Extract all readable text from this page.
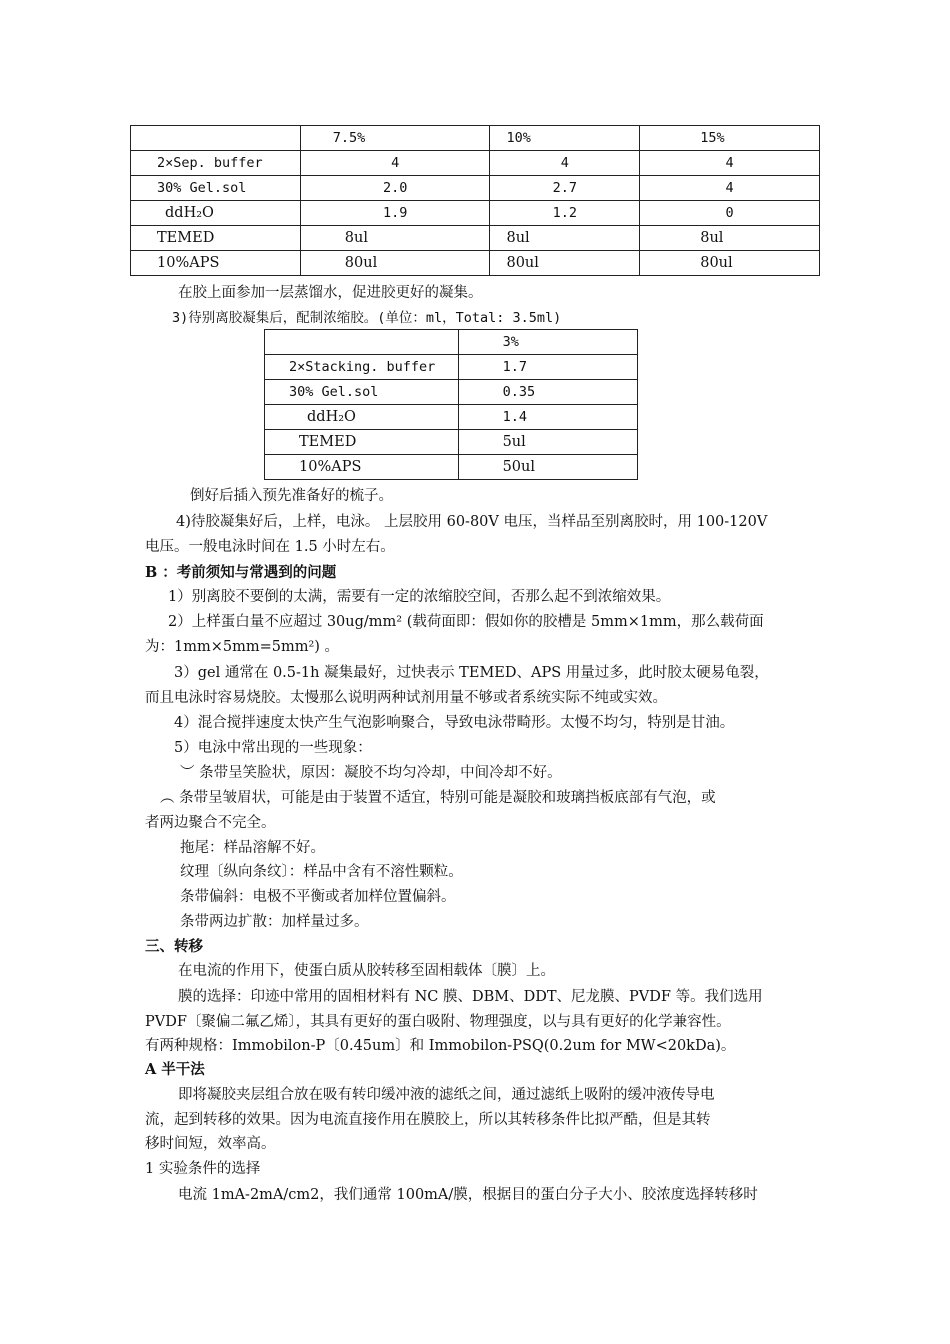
	7.5%	10%	15%
2×Sep. buffer	4	4	4
30% Gel.sol	2.0	2.7	4
ddH₂O	1.9	1.2	0
TEMED	8ul	8ul	8ul
10%APS	80ul	80ul	80ul
在胶上面参加一层蒸馏水，促进胶更好的凝集。
3)待别离胶凝集后，配制浓缩胶。(单位：ml，Total: 3.5ml)
	3%
2×Stacking. buffer	1.7
30% Gel.sol	0.35
ddH₂O	1.4
TEMED	5ul
10%APS	50ul
倒好后插入预先准备好的梳子。
4)待胶凝集好后，上样，电泳。 上层胶用 60-80V 电压，当样品至别离胶时，用 100-120V
电压。一般电泳时间在 1.5 小时左右。
B ：考前须知与常遇到的问题
1）别离胶不要倒的太满，需要有一定的浓缩胶空间，否那么起不到浓缩效果。
2）上样蛋白量不应超过 30ug/mm² (载荷面即：假如你的胶槽是 5mm×1mm，那么载荷面
为：1mm×5mm=5mm²) 。
3）gel 通常在 0.5-1h 凝集最好，过快表示 TEMED、APS 用量过多，此时胶太硬易龟裂，
而且电泳时容易烧胶。太慢那么说明两种试剂用量不够或者系统实际不纯或实效。
4）混合搅拌速度太快产生气泡影响聚合，导致电泳带畸形。太慢不均匀，特别是甘油。
5）电泳中常出现的一些现象：
︶ 条带呈笑脸状，原因：凝胶不均匀冷却，中间冷却不好。
︵ 条带呈皱眉状，可能是由于装置不适宜，特别可能是凝胶和玻璃挡板底部有气泡，或
者两边聚合不完全。
拖尾：样品溶解不好。
纹理〔纵向条纹〕：样品中含有不溶性颗粒。
条带偏斜：电极不平衡或者加样位置偏斜。
条带两边扩散：加样量过多。
三、转移
在电流的作用下，使蛋白质从胶转移至固相载体〔膜〕上。
膜的选择：印迹中常用的固相材料有 NC 膜、DBM、DDT、尼龙膜、PVDF 等。我们选用
PVDF〔聚偏二氟乙烯〕，其具有更好的蛋白吸附、物理强度，以与具有更好的化学兼容性。
有两种规格：Immobilon-P〔0.45um〕和 Immobilon-PSQ(0.2um for MW<20kDa)。
A 半干法
即将凝胶夹层组合放在吸有转印缓冲液的滤纸之间，通过滤纸上吸附的缓冲液传导电
流，起到转移的效果。因为电流直接作用在膜胶上，所以其转移条件比拟严酷，但是其转
移时间短，效率高。
1 实验条件的选择
电流 1mA-2mA/cm2，我们通常 100mA/膜，根据目的蛋白分子大小、胶浓度选择转移时
